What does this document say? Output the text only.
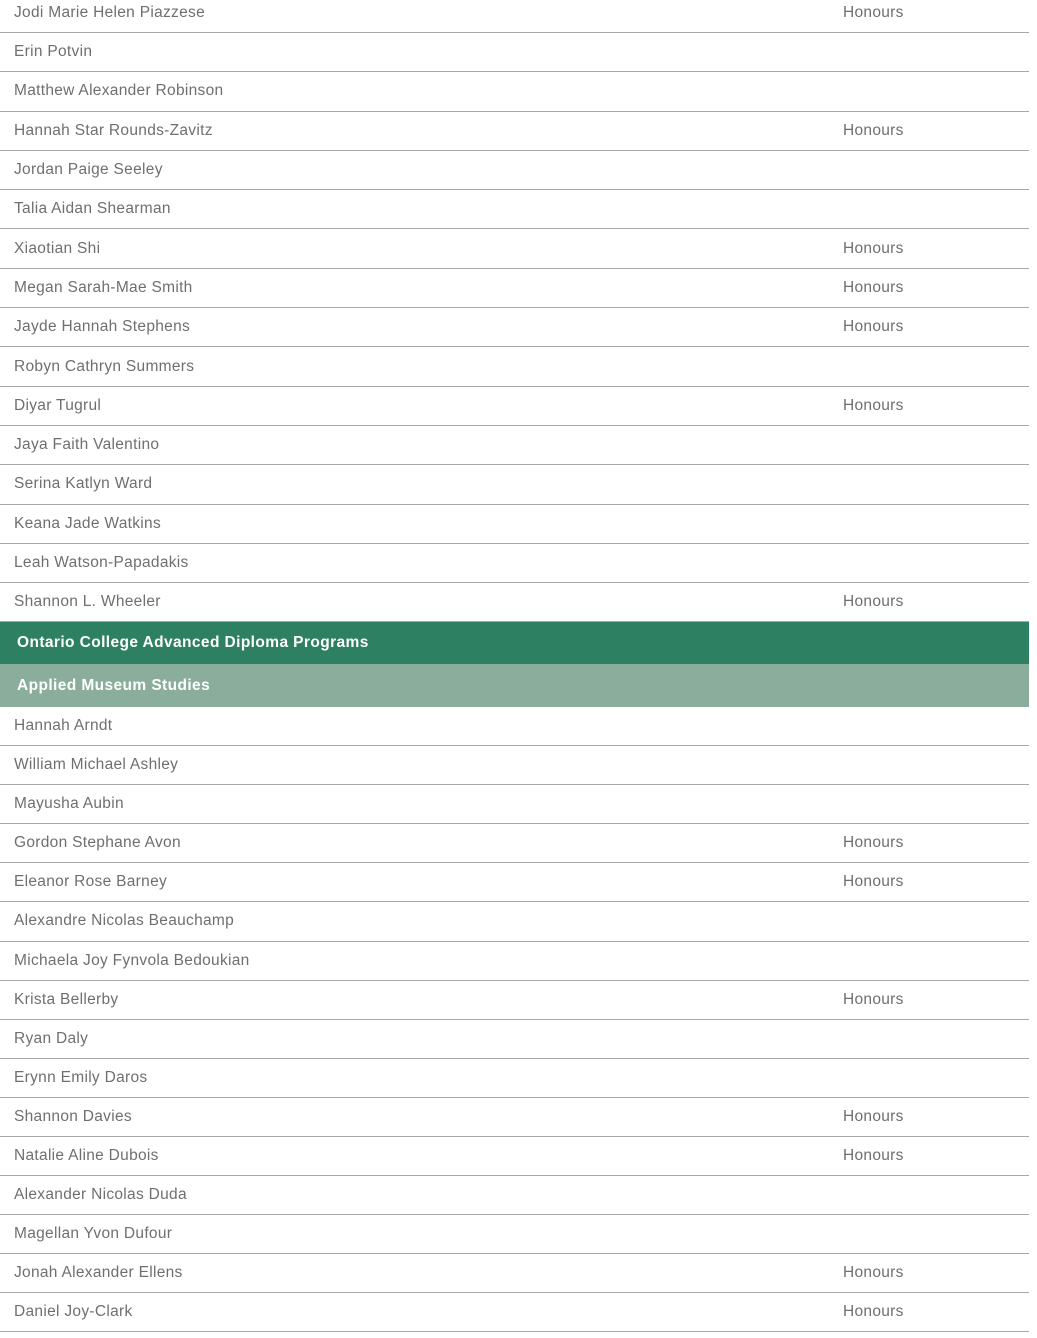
Jodi Marie Helen Piazzese	Honours
Erin Potvin
Matthew Alexander Robinson
Hannah Star Rounds-Zavitz	Honours
Jordan Paige Seeley
Talia Aidan Shearman
Xiaotian Shi	Honours
Megan Sarah-Mae Smith	Honours
Jayde Hannah Stephens	Honours
Robyn Cathryn Summers
Diyar Tugrul	Honours
Jaya Faith Valentino
Serina Katlyn Ward
Keana Jade Watkins
Leah Watson-Papadakis
Shannon L. Wheeler	Honours
Ontario College Advanced Diploma Programs
Applied Museum Studies
Hannah Arndt
William Michael Ashley
Mayusha Aubin
Gordon Stephane Avon	Honours
Eleanor Rose Barney	Honours
Alexandre Nicolas Beauchamp
Michaela Joy Fynvola Bedoukian
Krista Bellerby	Honours
Ryan Daly
Erynn Emily Daros
Shannon Davies	Honours
Natalie Aline Dubois	Honours
Alexander Nicolas Duda
Magellan Yvon Dufour
Jonah Alexander Ellens	Honours
Daniel Joy-Clark	Honours
